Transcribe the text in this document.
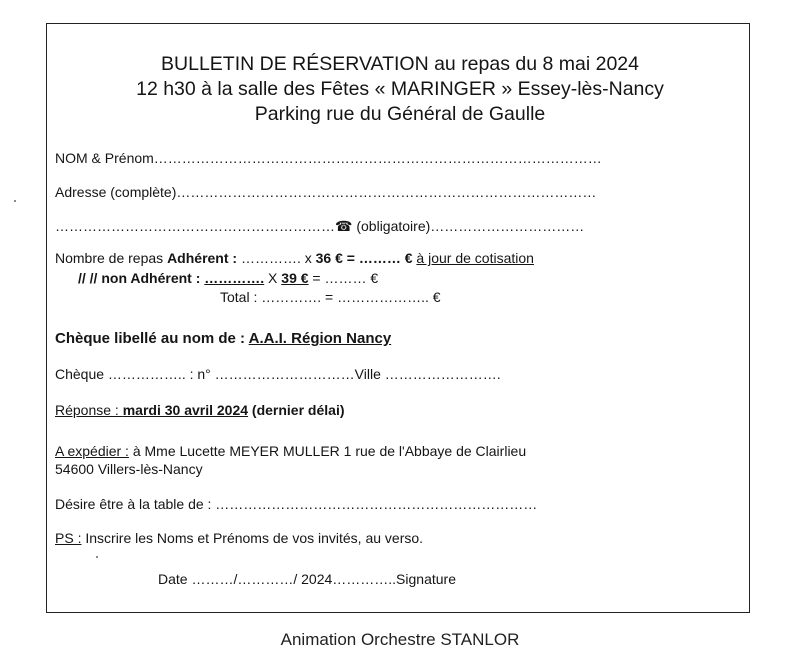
BULLETIN DE RÉSERVATION au repas du 8 mai 2024
12 h30 à la salle des Fêtes « MARINGER » Essey-lès-Nancy
Parking rue du Général de Gaulle
NOM & Prénom……………………………………………………………………………………
Adresse (complète)………………………………………………………………………………
……………………………………………………☎ (obligatoire)……………………………
Nombre de repas Adhérent : …………. x 36 € = ……… € à jour de cotisation
// // non Adhérent : …………. X 39 € = ……… €
Total : …………. = ……………….. €
Chèque libellé au nom de : A.A.I. Région Nancy
Chèque …………….. : n° …………………………Ville …………………….
Réponse : mardi 30 avril 2024 (dernier délai)
A expédier : à Mme Lucette MEYER MULLER 1 rue de l'Abbaye de Clairlieu
54600 Villers-lès-Nancy
Désire être à la table de : ……………………………………………………………
PS : Inscrire les Noms et Prénoms de vos invités, au verso.
Date ………/…………/ 2024…………..Signature
Animation Orchestre STANLOR
